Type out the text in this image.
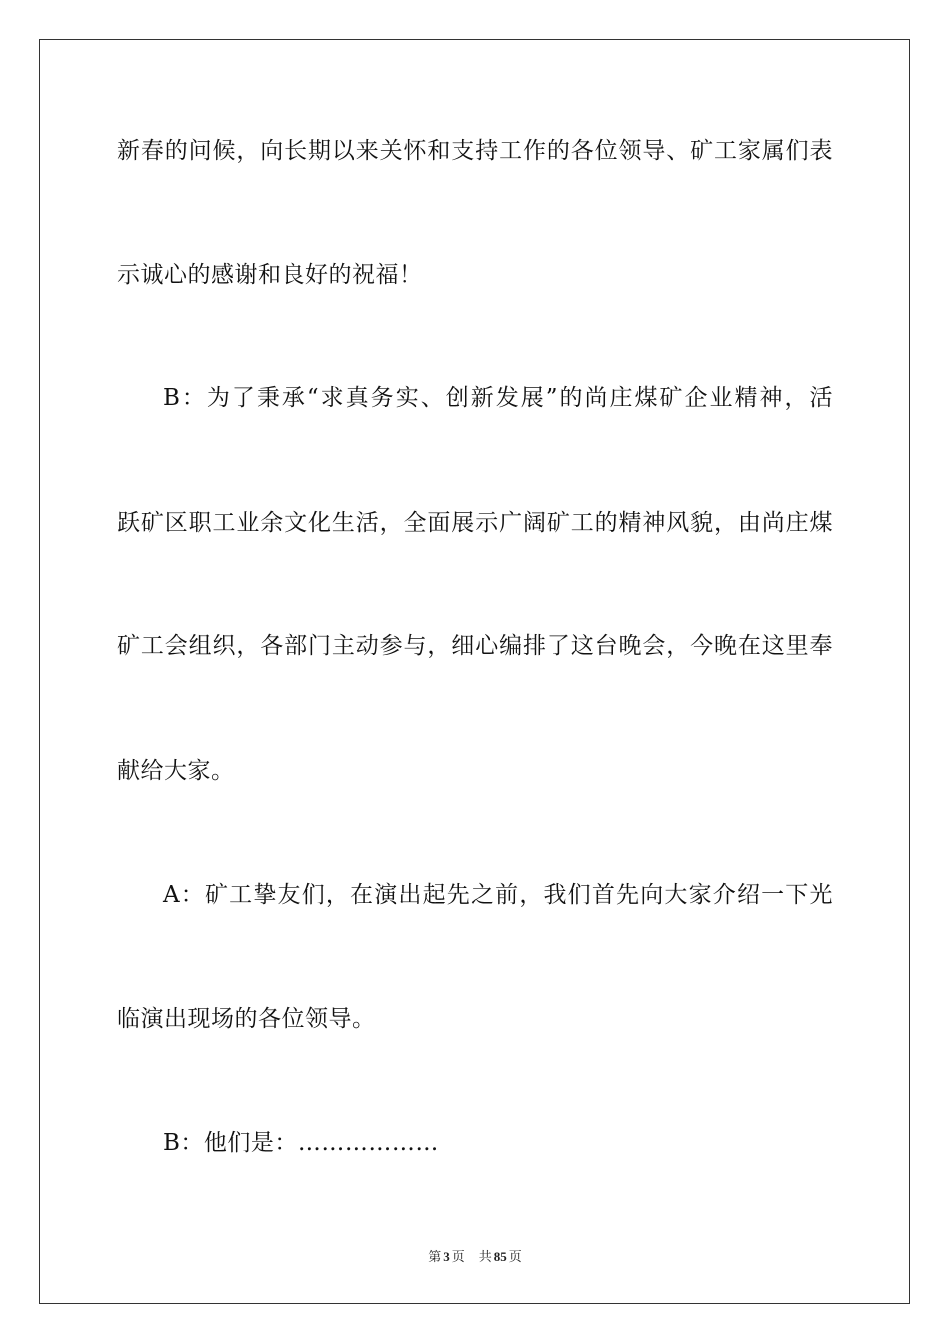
新春的问候，向长期以来关怀和支持工作的各位领导、矿工家属们表
示诚心的感谢和良好的祝福！
B：为了秉承“求真务实、创新发展”的尚庄煤矿企业精神，活
跃矿区职工业余文化生活，全面展示广阔矿工的精神风貌，由尚庄煤
矿工会组织，各部门主动参与，细心编排了这台晚会，今晚在这里奉
献给大家。
A：矿工挚友们，在演出起先之前，我们首先向大家介绍一下光
临演出现场的各位领导。
B：他们是：………………
第 3 页 共 85 页
